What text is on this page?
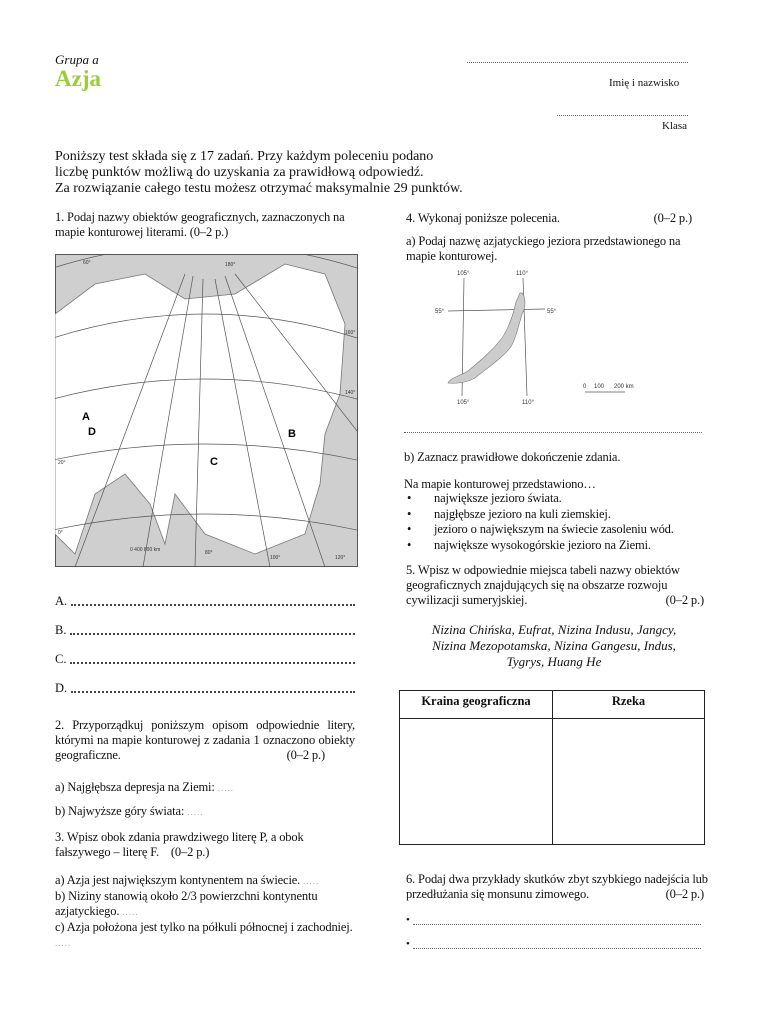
Grupa a
Azja	Imię i nazwisko
Klasa
Poniższy test składa się z 17 zadań. Przy każdym poleceniu podano
liczbę punktów możliwą do uzyskania za prawidłową odpowiedź.
Za rozwiązanie całego testu możesz otrzymać maksymalnie 29 punktów.
1. Podaj nazwy obiektów geograficznych, zaznaczonych na mapie konturowej literami. (0–2 p.)
60°
80°
100°	120°
20°
0°
140°
160°
180°
0 400 800 km
A
B
C
D
A.
B.
C.
D.
2. Przyporządkuj poniższym opisom odpowiednie litery, którymi na mapie konturowej z zadania 1 oznaczono obiekty geograficzne.	(0–2 p.)
a) Najgłębsza depresja na Ziemi: .....
b) Najwyższe góry świata: .....
3. Wpisz obok zdania prawdziwego literę P, a obok fałszywego – literę F. (0–2 p.)
a) Azja jest największym kontynentem na świecie. .....
b) Niziny stanowią około 2/3 powierzchni kontynentu azjatyckiego. .....
c) Azja położona jest tylko na półkuli północnej i zachodniej. .....
4. Wykonaj poniższe polecenia.	(0–2 p.)
a) Podaj nazwę azjatyckiego jeziora przedstawionego na mapie konturowej.
105°	110°
105°	110°
55°	55°
0 100 200 km
b) Zaznacz prawidłowe dokończenie zdania.
Na mapie konturowej przedstawiono…
• największe jezioro świata.
• najgłębsze jezioro na kuli ziemskiej.
• jezioro o największym na świecie zasoleniu wód.
• największe wysokogórskie jezioro na Ziemi.
5. Wpisz w odpowiednie miejsca tabeli nazwy obiektów geograficznych znajdujących się na obszarze rozwoju cywilizacji sumeryjskiej.	(0–2 p.)
Nizina Chińska, Eufrat, Nizina Indusu, Jangcy,
Nizina Mezopotamska, Nizina Gangesu, Indus,
Tygrys, Huang He
Kraina geograficzna	Rzeka

6. Podaj dwa przykłady skutków zbyt szybkiego nadejścia lub przedłużania się monsunu zimowego.	(0–2 p.)
•
•
